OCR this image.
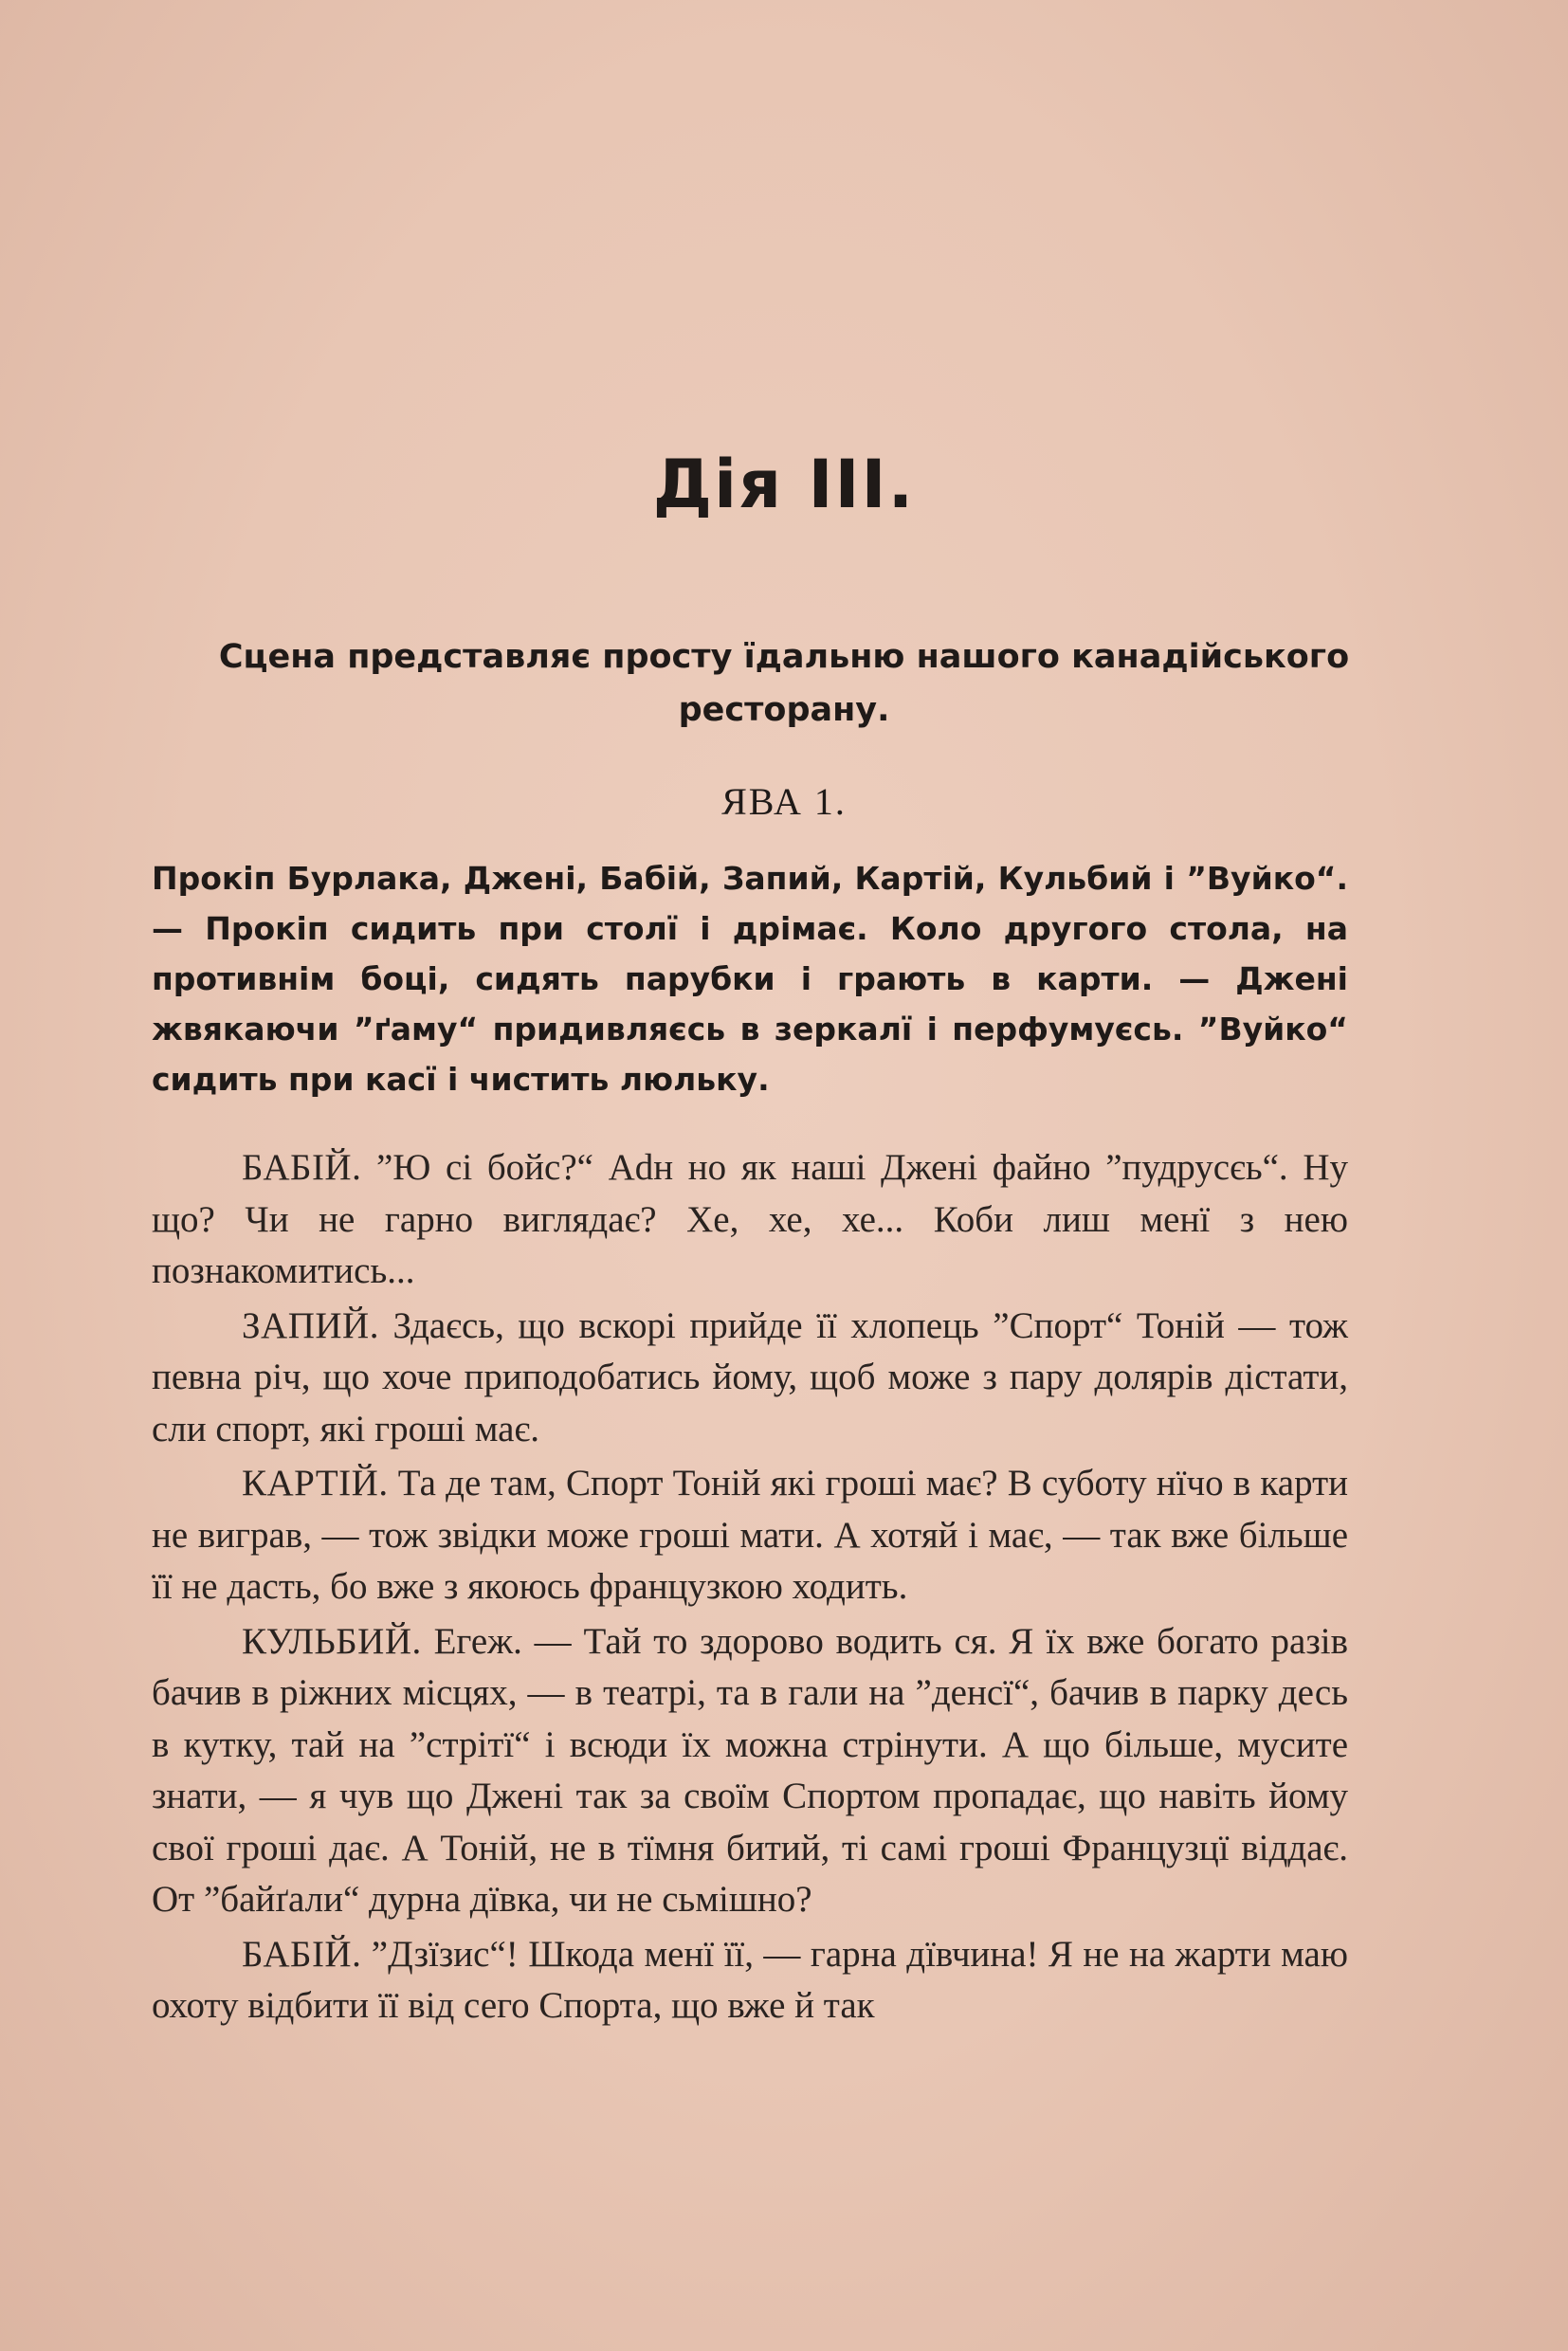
Дія III.
Сцена представляє просту їдальню нашого канадійського
ресторану.
ЯВА 1.
Прокіп Бурлака, Джені, Бабій, Запий, Картій, Кульбий і ”Вуйко“. — Прокіп сидить при столї і дрімає. Коло другого стола, на противнім боці, сидять парубки і грають в карти. — Джені жвякаючи ”ґаму“ придивляєсь в зеркалї і перфумуєсь. ”Вуйко“ сидить при касї і чистить люльку.

БАБІЙ. ”Ю сі бойс?“ Adн но як наші Джені файно ”пудрусєь“. Ну що? Чи не гарно виглядає? Хе, хе, хе... Коби лиш менї з нею познакомитись...

ЗАПИЙ. Здаєсь, що вскорі прийде її хлопець ”Спорт“ Тоній — тож певна річ, що хоче приподобатись йому, щоб може з пару долярів дістати, сли спорт, які гроші має.

КАРТІЙ. Та де там, Спорт Тоній які гроші має? В суботу нїчо в карти не виграв, — тож звідки може гроші мати. А хотяй і має, — так вже більше її не дасть, бо вже з якоюсь французкою ходить.

КУЛЬБИЙ. Егеж. — Тай то здорово водить ся. Я їх вже богато разів бачив в ріжних місцях, — в театрі, та в гали на ”денсї“, бачив в парку десь в кутку, тай на ”стрітї“ і всюди їх можна стрінути. А що більше, мусите знати, — я чув що Джені так за своїм Спортом пропадає, що навіть йому свої гроші дає. А Тоній, не в тїмня битий, ті самі гроші Французцї віддає. От ”байґали“ дурна дївка, чи не сьмішно?

БАБІЙ. ”Дзїзис“! Шкода менї її, — гарна дївчина! Я не на жарти маю охоту відбити її від сего Спорта, що вже й так
